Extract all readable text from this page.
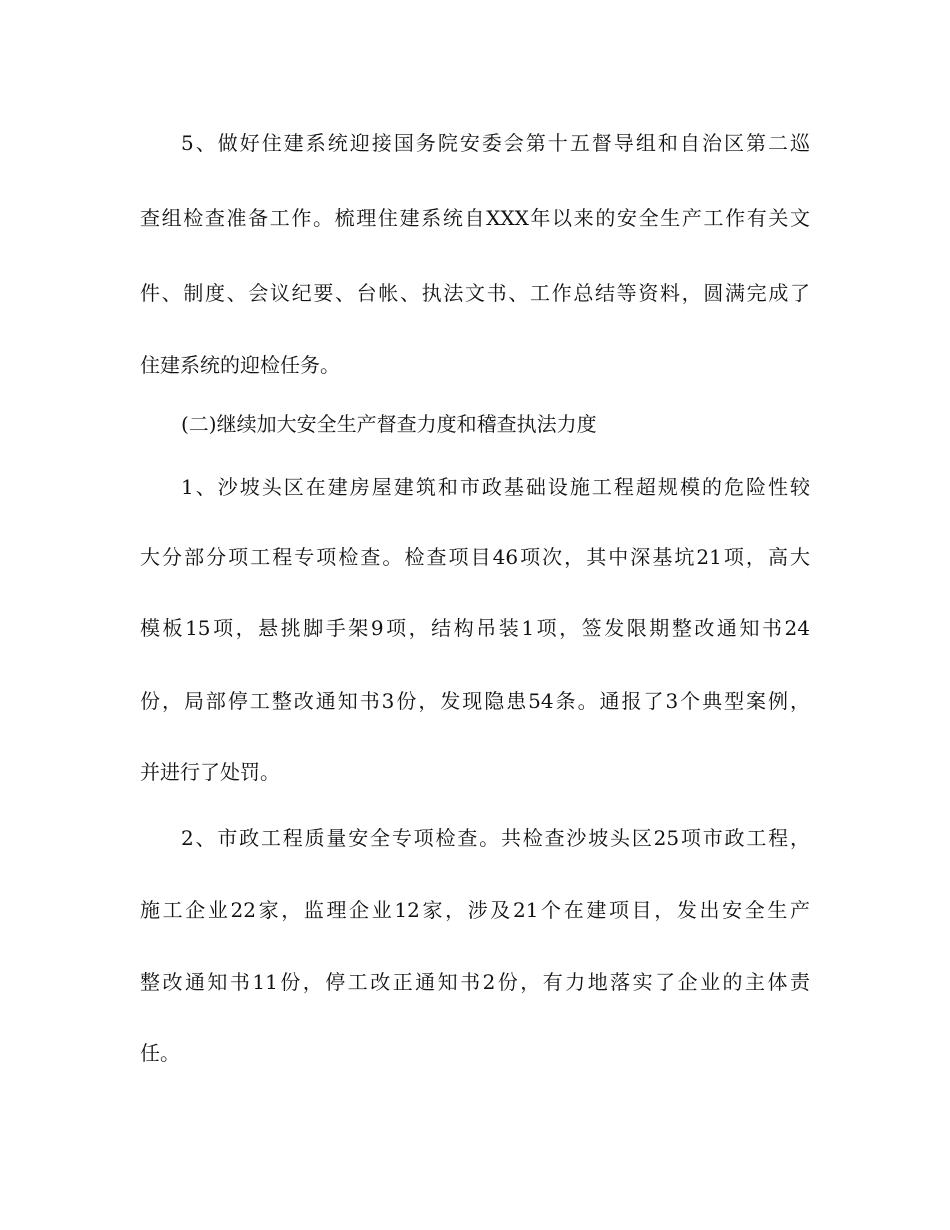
5、做好住建系统迎接国务院安委会第十五督导组和自治区第二巡
查组检查准备工作。梳理住建系统自XXX年以来的安全生产工作有关文
件、制度、会议纪要、台帐、执法文书、工作总结等资料，圆满完成了
住建系统的迎检任务。
(二)继续加大安全生产督查力度和稽查执法力度
1、沙坡头区在建房屋建筑和市政基础设施工程超规模的危险性较
大分部分项工程专项检查。检查项目46项次，其中深基坑21项，高大
模板15项，悬挑脚手架9项，结构吊装1项，签发限期整改通知书24
份，局部停工整改通知书3份，发现隐患54条。通报了3个典型案例，
并进行了处罚。
2、市政工程质量安全专项检查。共检查沙坡头区25项市政工程，
施工企业22家，监理企业12家，涉及21个在建项目，发出安全生产
整改通知书11份，停工改正通知书2份，有力地落实了企业的主体责
任。
